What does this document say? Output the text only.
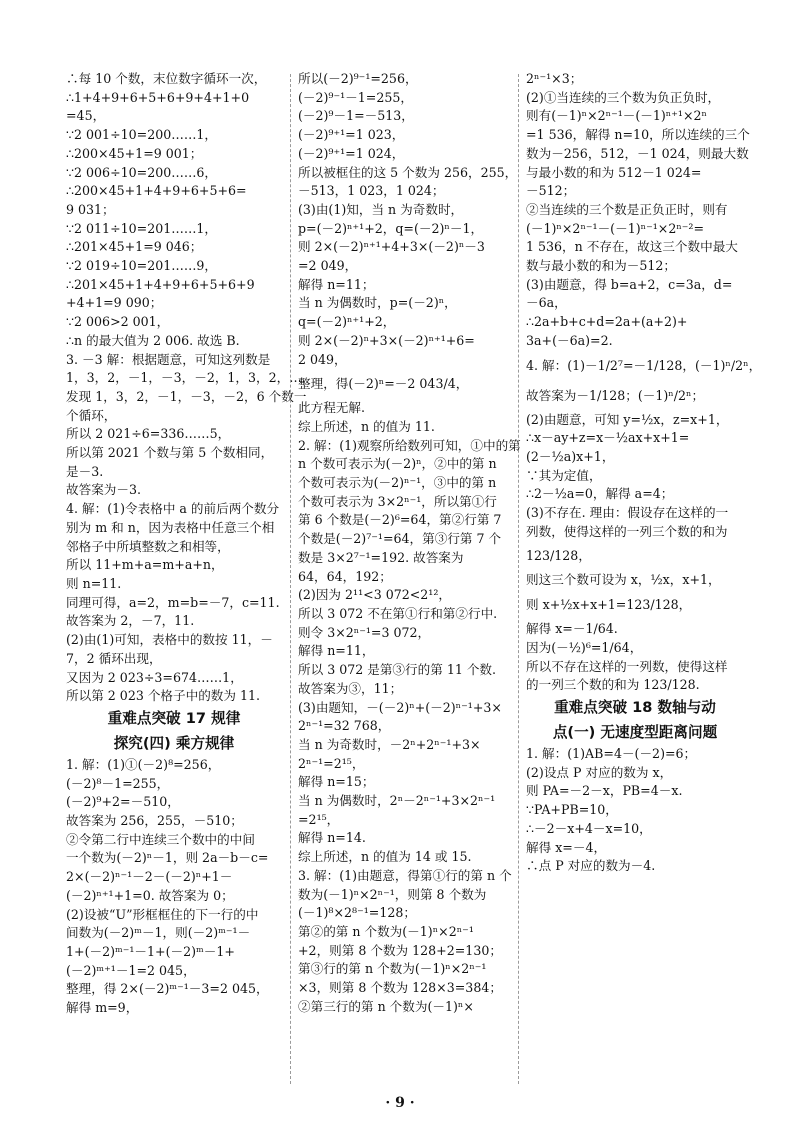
∴每 10 个数，末位数字循环一次，
∴1+4+9+6+5+6+9+4+1+0
=45，
∵2 001÷10=200……1，
∴200×45+1=9 001；
∵2 006÷10=200……6，
∴200×45+1+4+9+6+5+6=
9 031；
∵2 011÷10=201……1，
∴201×45+1=9 046；
∵2 019÷10=201……9，
∴201×45+1+4+9+6+5+6+9
+4+1=9 090；
∵2 006>2 001，
∴n 的最大值为 2 006. 故选 B.
3. －3 解：根据题意，可知这列数是
1，3，2，－1，－3，－2，1，3，2，…，
发现 1，3，2，－1，－3，－2，6 个数一
个循环，
所以 2 021÷6=336……5，
所以第 2021 个数与第 5 个数相同，
是－3.
故答案为－3.
4. 解：(1)令表格中 a 的前后两个数分
别为 m 和 n，因为表格中任意三个相
邻格子中所填整数之和相等，
所以 11+m+a=m+a+n，
则 n=11.
同理可得，a=2，m=b=－7，c=11.
故答案为 2，－7，11.
(2)由(1)可知，表格中的数按 11，－
7，2 循环出现，
又因为 2 023÷3=674……1，
所以第 2 023 个格子中的数为 11.
重难点突破 17 规律
探究(四) 乘方规律
1. 解：(1)①(－2)⁸=256，
(－2)⁸－1=255，
(－2)⁹+2=－510，
故答案为 256，255，－510；
②令第二行中连续三个数中的中间
一个数为(－2)ⁿ－1，则 2a－b－c=
2×(－2)ⁿ⁻¹－2－(－2)ⁿ+1－
(－2)ⁿ⁺¹+1=0. 故答案为 0；
(2)设被“U”形框框住的下一行的中
间数为(－2)ᵐ－1，则(－2)ᵐ⁻¹－
1+(－2)ᵐ⁻¹－1+(－2)ᵐ－1+
(－2)ᵐ⁺¹－1=2 045，
整理，得 2×(－2)ᵐ⁻¹－3=2 045，
解得 m=9，
所以(－2)⁹⁻¹=256，
(－2)⁹⁻¹－1=255，
(－2)⁹－1=－513，
(－2)⁹⁺¹=1 023，
(－2)⁹⁺¹=1 024，
所以被框住的这 5 个数为 256，255，
－513，1 023，1 024；
(3)由(1)知，当 n 为奇数时，
p=(－2)ⁿ⁺¹+2，q=(－2)ⁿ－1，
则 2×(－2)ⁿ⁺¹+4+3×(－2)ⁿ－3
=2 049，
解得 n=11；
当 n 为偶数时，p=(－2)ⁿ，
q=(－2)ⁿ⁺¹+2，
则 2×(－2)ⁿ+3×(－2)ⁿ⁺¹+6=
2 049，
整理，得(－2)ⁿ=－2 043/4，
此方程无解.
综上所述，n 的值为 11.
2. 解：(1)观察所给数列可知，①中的第
n 个数可表示为(－2)ⁿ，②中的第 n
个数可表示为(－2)ⁿ⁻¹，③中的第 n
个数可表示为 3×2ⁿ⁻¹，所以第①行
第 6 个数是(－2)⁶=64，第②行第 7
个数是(－2)⁷⁻¹=64，第③行第 7 个
数是 3×2⁷⁻¹=192. 故答案为
64，64，192；
(2)因为 2¹¹<3 072<2¹²，
所以 3 072 不在第①行和第②行中.
则令 3×2ⁿ⁻¹=3 072，
解得 n=11，
所以 3 072 是第③行的第 11 个数.
故答案为③，11；
(3)由题知，－(－2)ⁿ+(－2)ⁿ⁻¹+3×
2ⁿ⁻¹=32 768，
当 n 为奇数时，－2ⁿ+2ⁿ⁻¹+3×
2ⁿ⁻¹=2¹⁵，
解得 n=15；
当 n 为偶数时，2ⁿ－2ⁿ⁻¹+3×2ⁿ⁻¹
=2¹⁵，
解得 n=14.
综上所述，n 的值为 14 或 15.
3. 解：(1)由题意，得第①行的第 n 个
数为(－1)ⁿ×2ⁿ⁻¹，则第 8 个数为
(－1)⁸×2⁸⁻¹=128；
第②的第 n 个数为(－1)ⁿ×2ⁿ⁻¹
+2，则第 8 个数为 128+2=130；
第③行的第 n 个数为(－1)ⁿ×2ⁿ⁻¹
×3，则第 8 个数为 128×3=384；
②第三行的第 n 个数为(－1)ⁿ×
2ⁿ⁻¹×3；
(2)①当连续的三个数为负正负时，
则有(－1)ⁿ×2ⁿ⁻¹－(－1)ⁿ⁺¹×2ⁿ
=1 536，解得 n=10，所以连续的三个
数为－256，512，－1 024，则最大数
与最小数的和为 512－1 024=
－512；
②当连续的三个数是正负正时，则有
(－1)ⁿ×2ⁿ⁻¹－(－1)ⁿ⁻¹×2ⁿ⁻²=
1 536，n 不存在，故这三个数中最大
数与最小数的和为－512；
(3)由题意，得 b=a+2，c=3a，d=
－6a，
∴2a+b+c+d=2a+(a+2)+
3a+(－6a)=2.
4. 解：(1)－1/2⁷=－1/128，(－1)ⁿ/2ⁿ，
故答案为－1/128；(－1)ⁿ/2ⁿ；
(2)由题意，可知 y=½x，z=x+1，
∴x－ay+z=x－½ax+x+1=
(2－½a)x+1，
∵其为定值，
∴2－½a=0，解得 a=4；
(3)不存在. 理由：假设存在这样的一
列数，使得这样的一列三个数的和为
123/128，
则这三个数可设为 x，½x，x+1，
则 x+½x+x+1=123/128，
解得 x=－1/64.
因为(－½)⁶=1/64，
所以不存在这样的一列数，使得这样
的一列三个数的和为 123/128.
重难点突破 18 数轴与动
点(一) 无速度型距离问题
1. 解：(1)AB=4－(－2)=6；
(2)设点 P 对应的数为 x，
则 PA=－2－x，PB=4－x.
∵PA+PB=10，
∴－2－x+4－x=10，
解得 x=－4，
∴点 P 对应的数为－4.
· 9 ·
